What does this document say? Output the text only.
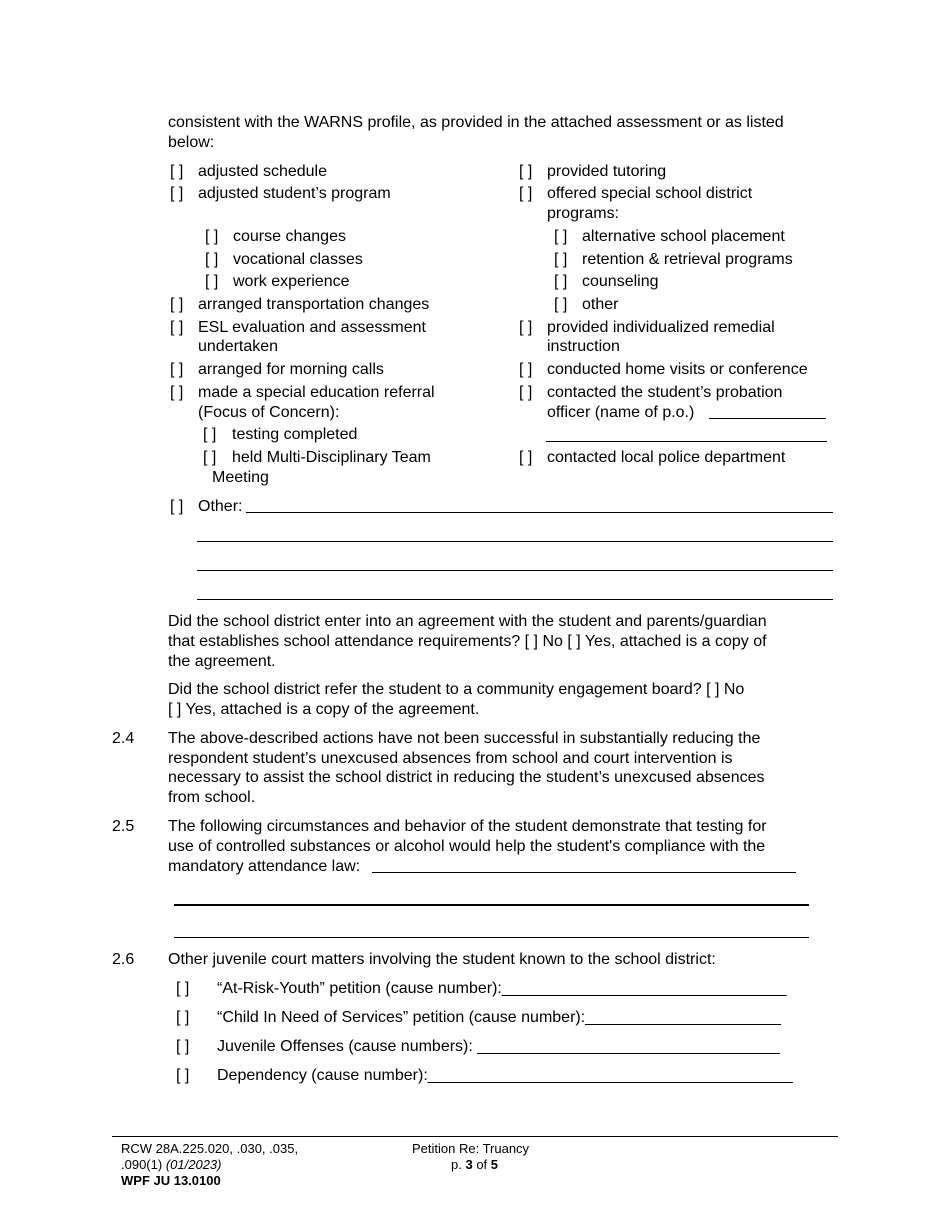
consistent with the WARNS profile, as provided in the attached assessment or as listed
below:
[ ] adjusted schedule
[ ] adjusted student’s program
[ ] course changes
[ ] vocational classes
[ ] work experience
[ ] arranged transportation changes
[ ] ESL evaluation and assessment
undertaken
[ ] arranged for morning calls
[ ] made a special education referral
(Focus of Concern):
[ ] testing completed
[ ] held Multi-Disciplinary Team
Meeting
[ ] provided tutoring
[ ] offered special school district
programs:
[ ] alternative school placement
[ ] retention & retrieval programs
[ ] counseling
[ ] other
[ ] provided individualized remedial
instruction
[ ] conducted home visits or conference
[ ] contacted the student’s probation
officer (name of p.o.)
[ ] contacted local police department
[ ] Other:
Did the school district enter into an agreement with the student and parents/guardian
that establishes school attendance requirements? [ ] No [ ] Yes, attached is a copy of
the agreement.
Did the school district refer the student to a community engagement board? [ ] No
[ ] Yes, attached is a copy of the agreement.
2.4 The above-described actions have not been successful in substantially reducing the
respondent student’s unexcused absences from school and court intervention is
necessary to assist the school district in reducing the student’s unexcused absences
from school.
2.5 The following circumstances and behavior of the student demonstrate that testing for
use of controlled substances or alcohol would help the student's compliance with the
mandatory attendance law:
2.6 Other juvenile court matters involving the student known to the school district:
[ ] “At-Risk-Youth” petition (cause number):________________________________
[ ] “Child In Need of Services” petition (cause number):______________________
[ ] Juvenile Offenses (cause numbers): __________________________________
[ ] Dependency (cause number):_________________________________________
RCW 28A.225.020, .030, .035,
.090(1) (01/2023)
WPF JU 13.0100
Petition Re: Truancy
p. 3 of 5
